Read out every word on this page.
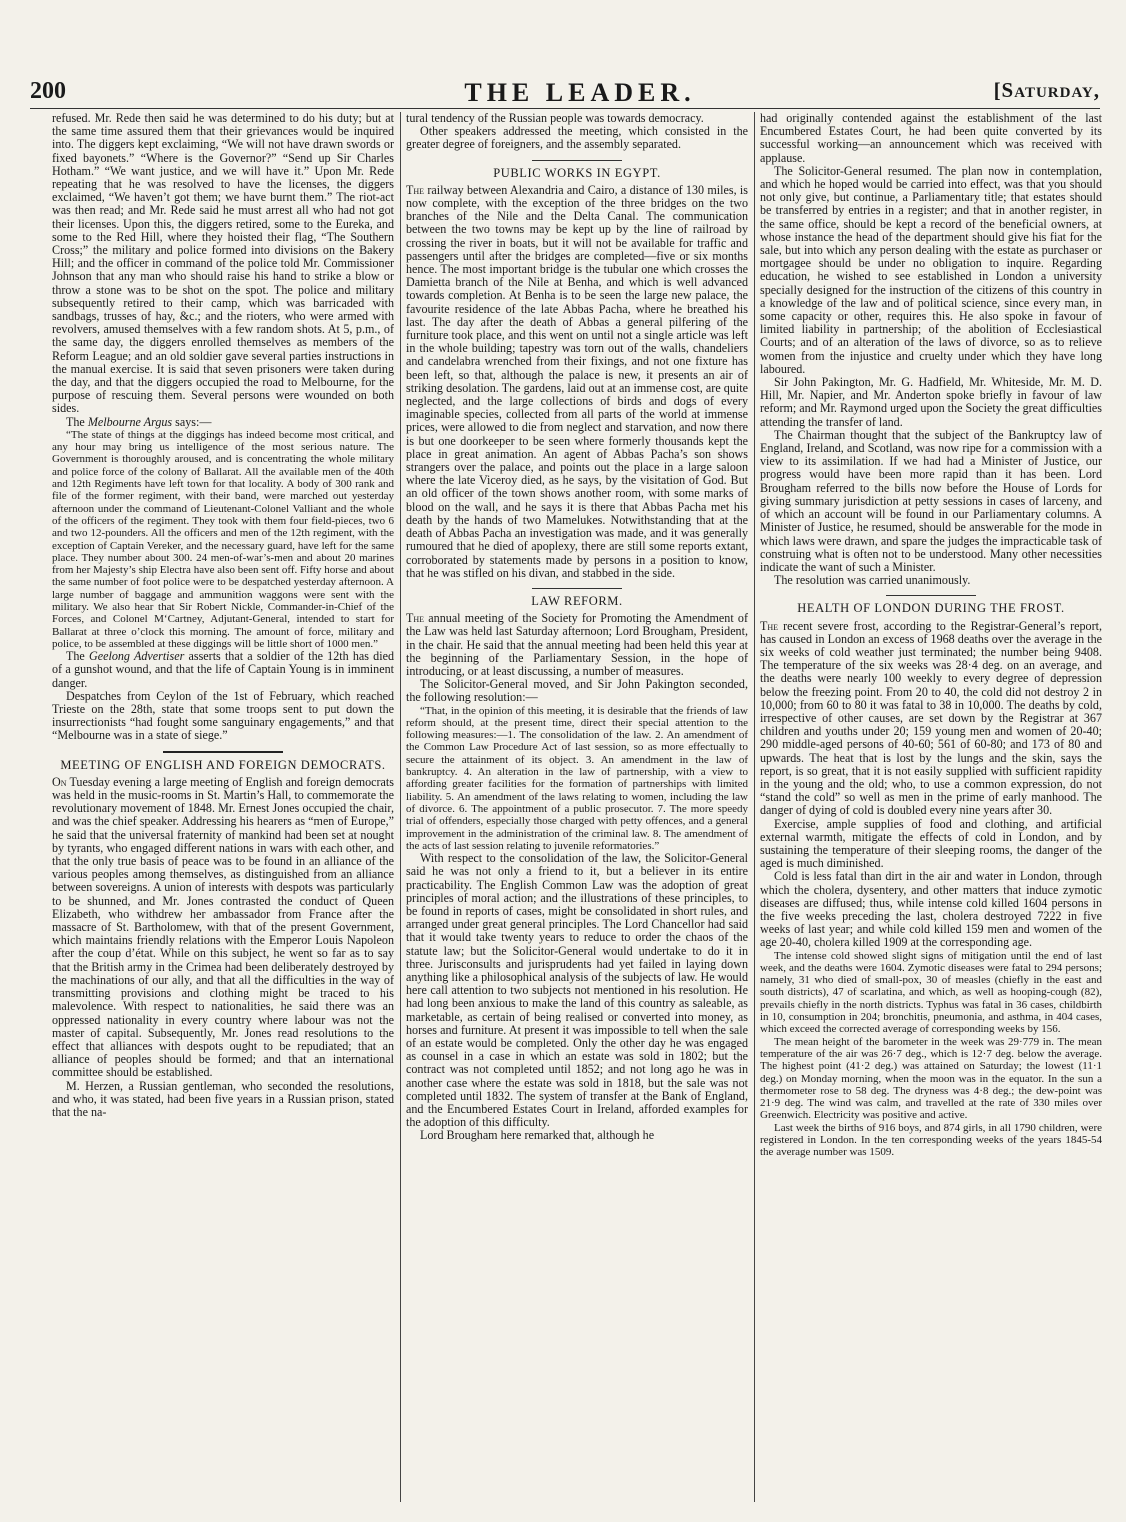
200	THE LEADER.	[Saturday,

refused. Mr. Rede then said he was determined to do his duty; but at the same time assured them that their grievances would be inquired into. The diggers kept exclaiming, “We will not have drawn swords or fixed bayonets.” “Where is the Governor?” “Send up Sir Charles Hotham.” “We want justice, and we will have it.” Upon Mr. Rede repeating that he was resolved to have the licenses, the diggers exclaimed, “We haven’t got them; we have burnt them.” The riot-act was then read; and Mr. Rede said he must arrest all who had not got their licenses. Upon this, the diggers retired, some to the Eureka, and some to the Red Hill, where they hoisted their flag, “The Southern Cross;” the military and police formed into divisions on the Bakery Hill; and the officer in command of the police told Mr. Commissioner Johnson that any man who should raise his hand to strike a blow or throw a stone was to be shot on the spot. The police and military subsequently retired to their camp, which was barricaded with sandbags, trusses of hay, &c.; and the rioters, who were armed with revolvers, amused themselves with a few random shots. At 5, p.m., of the same day, the diggers enrolled themselves as members of the Reform League; and an old soldier gave several parties instructions in the manual exercise. It is said that seven prisoners were taken during the day, and that the diggers occupied the road to Melbourne, for the purpose of rescuing them. Several persons were wounded on both sides.

The Melbourne Argus says:—

“The state of things at the diggings has indeed become most critical, and any hour may bring us intelligence of the most serious nature. The Government is thoroughly aroused, and is concentrating the whole military and police force of the colony of Ballarat. All the available men of the 40th and 12th Regiments have left town for that locality. A body of 300 rank and file of the former regiment, with their band, were marched out yesterday afternoon under the command of Lieutenant-Colonel Valliant and the whole of the officers of the regiment. They took with them four field-pieces, two 6 and two 12-pounders. All the officers and men of the 12th regiment, with the exception of Captain Vereker, and the necessary guard, have left for the same place. They number about 300. 24 men-of-war’s-men and about 20 marines from her Majesty’s ship Electra have also been sent off. Fifty horse and about the same number of foot police were to be despatched yesterday afternoon. A large number of baggage and ammunition waggons were sent with the military. We also hear that Sir Robert Nickle, Commander-in-Chief of the Forces, and Colonel M‘Cartney, Adjutant-General, intended to start for Ballarat at three o’clock this morning. The amount of force, military and police, to be assembled at these diggings will be little short of 1000 men.”

The Geelong Advertiser asserts that a soldier of the 12th has died of a gunshot wound, and that the life of Captain Young is in imminent danger.

Despatches from Ceylon of the 1st of February, which reached Trieste on the 28th, state that some troops sent to put down the insurrectionists “had fought some sanguinary engagements,” and that “Melbourne was in a state of siege.”

MEETING OF ENGLISH AND FOREIGN DEMOCRATS.

On Tuesday evening a large meeting of English and foreign democrats was held in the music-rooms in St. Martin’s Hall, to commemorate the revolutionary movement of 1848. Mr. Ernest Jones occupied the chair, and was the chief speaker. Addressing his hearers as “men of Europe,” he said that the universal fraternity of mankind had been set at nought by tyrants, who engaged different nations in wars with each other, and that the only true basis of peace was to be found in an alliance of the various peoples among themselves, as distinguished from an alliance between sovereigns. A union of interests with despots was particularly to be shunned, and Mr. Jones contrasted the conduct of Queen Elizabeth, who withdrew her ambassador from France after the massacre of St. Bartholomew, with that of the present Government, which maintains friendly relations with the Emperor Louis Napoleon after the coup d’état. While on this subject, he went so far as to say that the British army in the Crimea had been deliberately destroyed by the machinations of our ally, and that all the difficulties in the way of transmitting provisions and clothing might be traced to his malevolence. With respect to nationalities, he said there was an oppressed nationality in every country where labour was not the master of capital. Subsequently, Mr. Jones read resolutions to the effect that alliances with despots ought to be repudiated; that an alliance of peoples should be formed; and that an international committee should be established.

M. Herzen, a Russian gentleman, who seconded the resolutions, and who, it was stated, had been five years in a Russian prison, stated that the na-

tural tendency of the Russian people was towards democracy.

Other speakers addressed the meeting, which consisted in the greater degree of foreigners, and the assembly separated.

PUBLIC WORKS IN EGYPT.

The railway between Alexandria and Cairo, a distance of 130 miles, is now complete, with the exception of the three bridges on the two branches of the Nile and the Delta Canal. The communication between the two towns may be kept up by the line of railroad by crossing the river in boats, but it will not be available for traffic and passengers until after the bridges are completed—five or six months hence. The most important bridge is the tubular one which crosses the Damietta branch of the Nile at Benha, and which is well advanced towards completion. At Benha is to be seen the large new palace, the favourite residence of the late Abbas Pacha, where he breathed his last. The day after the death of Abbas a general pilfering of the furniture took place, and this went on until not a single article was left in the whole building; tapestry was torn out of the walls, chandeliers and candelabra wrenched from their fixings, and not one fixture has been left, so that, although the palace is new, it presents an air of striking desolation. The gardens, laid out at an immense cost, are quite neglected, and the large collections of birds and dogs of every imaginable species, collected from all parts of the world at immense prices, were allowed to die from neglect and starvation, and now there is but one doorkeeper to be seen where formerly thousands kept the place in great animation. An agent of Abbas Pacha’s son shows strangers over the palace, and points out the place in a large saloon where the late Viceroy died, as he says, by the visitation of God. But an old officer of the town shows another room, with some marks of blood on the wall, and he says it is there that Abbas Pacha met his death by the hands of two Mamelukes. Notwithstanding that at the death of Abbas Pacha an investigation was made, and it was generally rumoured that he died of apoplexy, there are still some reports extant, corroborated by statements made by persons in a position to know, that he was stifled on his divan, and stabbed in the side.

LAW REFORM.

The annual meeting of the Society for Promoting the Amendment of the Law was held last Saturday afternoon; Lord Brougham, President, in the chair. He said that the annual meeting had been held this year at the beginning of the Parliamentary Session, in the hope of introducing, or at least discussing, a number of measures.

The Solicitor-General moved, and Sir John Pakington seconded, the following resolution:—

“That, in the opinion of this meeting, it is desirable that the friends of law reform should, at the present time, direct their special attention to the following measures:—1. The consolidation of the law. 2. An amendment of the Common Law Procedure Act of last session, so as more effectually to secure the attainment of its object. 3. An amendment in the law of bankruptcy. 4. An alteration in the law of partnership, with a view to affording greater facilities for the formation of partnerships with limited liability. 5. An amendment of the laws relating to women, including the law of divorce. 6. The appointment of a public prosecutor. 7. The more speedy trial of offenders, especially those charged with petty offences, and a general improvement in the administration of the criminal law. 8. The amendment of the acts of last session relating to juvenile reformatories.”

With respect to the consolidation of the law, the Solicitor-General said he was not only a friend to it, but a believer in its entire practicability. The English Common Law was the adoption of great principles of moral action; and the illustrations of these principles, to be found in reports of cases, might be consolidated in short rules, and arranged under great general principles. The Lord Chancellor had said that it would take twenty years to reduce to order the chaos of the statute law; but the Solicitor-General would undertake to do it in three. Jurisconsults and jurisprudents had yet failed in laying down anything like a philosophical analysis of the subjects of law. He would here call attention to two subjects not mentioned in his resolution. He had long been anxious to make the land of this country as saleable, as marketable, as certain of being realised or converted into money, as horses and furniture. At present it was impossible to tell when the sale of an estate would be completed. Only the other day he was engaged as counsel in a case in which an estate was sold in 1802; but the contract was not completed until 1852; and not long ago he was in another case where the estate was sold in 1818, but the sale was not completed until 1832. The system of transfer at the Bank of England, and the Encumbered Estates Court in Ireland, afforded examples for the adoption of this difficulty.

Lord Brougham here remarked that, although he

had originally contended against the establishment of the last Encumbered Estates Court, he had been quite converted by its successful working—an announcement which was received with applause.

The Solicitor-General resumed. The plan now in contemplation, and which he hoped would be carried into effect, was that you should not only give, but continue, a Parliamentary title; that estates should be transferred by entries in a register; and that in another register, in the same office, should be kept a record of the beneficial owners, at whose instance the head of the department should give his fiat for the sale, but into which any person dealing with the estate as purchaser or mortgagee should be under no obligation to inquire. Regarding education, he wished to see established in London a university specially designed for the instruction of the citizens of this country in a knowledge of the law and of political science, since every man, in some capacity or other, requires this. He also spoke in favour of limited liability in partnership; of the abolition of Ecclesiastical Courts; and of an alteration of the laws of divorce, so as to relieve women from the injustice and cruelty under which they have long laboured.

Sir John Pakington, Mr. G. Hadfield, Mr. Whiteside, Mr. M. D. Hill, Mr. Napier, and Mr. Anderton spoke briefly in favour of law reform; and Mr. Raymond urged upon the Society the great difficulties attending the transfer of land.

The Chairman thought that the subject of the Bankruptcy law of England, Ireland, and Scotland, was now ripe for a commission with a view to its assimilation. If we had had a Minister of Justice, our progress would have been more rapid than it has been. Lord Brougham referred to the bills now before the House of Lords for giving summary jurisdiction at petty sessions in cases of larceny, and of which an account will be found in our Parliamentary columns. A Minister of Justice, he resumed, should be answerable for the mode in which laws were drawn, and spare the judges the impracticable task of construing what is often not to be understood. Many other necessities indicate the want of such a Minister.

The resolution was carried unanimously.

HEALTH OF LONDON DURING THE FROST.

The recent severe frost, according to the Registrar-General’s report, has caused in London an excess of 1968 deaths over the average in the six weeks of cold weather just terminated; the number being 9408. The temperature of the six weeks was 28·4 deg. on an average, and the deaths were nearly 100 weekly to every degree of depression below the freezing point. From 20 to 40, the cold did not destroy 2 in 10,000; from 60 to 80 it was fatal to 38 in 10,000. The deaths by cold, irrespective of other causes, are set down by the Registrar at 367 children and youths under 20; 159 young men and women of 20-40; 290 middle-aged persons of 40-60; 561 of 60-80; and 173 of 80 and upwards. The heat that is lost by the lungs and the skin, says the report, is so great, that it is not easily supplied with sufficient rapidity in the young and the old; who, to use a common expression, do not “stand the cold” so well as men in the prime of early manhood. The danger of dying of cold is doubled every nine years after 30.

Exercise, ample supplies of food and clothing, and artificial external warmth, mitigate the effects of cold in London, and by sustaining the temperature of their sleeping rooms, the danger of the aged is much diminished.

Cold is less fatal than dirt in the air and water in London, through which the cholera, dysentery, and other matters that induce zymotic diseases are diffused; thus, while intense cold killed 1604 persons in the five weeks preceding the last, cholera destroyed 7222 in five weeks of last year; and while cold killed 159 men and women of the age 20-40, cholera killed 1909 at the corresponding age.

The intense cold showed slight signs of mitigation until the end of last week, and the deaths were 1604. Zymotic diseases were fatal to 294 persons; namely, 31 who died of small-pox, 30 of measles (chiefly in the east and south districts), 47 of scarlatina, and which, as well as hooping-cough (82), prevails chiefly in the north districts. Typhus was fatal in 36 cases, childbirth in 10, consumption in 204; bronchitis, pneumonia, and asthma, in 404 cases, which exceed the corrected average of corresponding weeks by 156.

The mean height of the barometer in the week was 29·779 in. The mean temperature of the air was 26·7 deg., which is 12·7 deg. below the average. The highest point (41·2 deg.) was attained on Saturday; the lowest (11·1 deg.) on Monday morning, when the moon was in the equator. In the sun a thermometer rose to 58 deg. The dryness was 4·8 deg.; the dew-point was 21·9 deg. The wind was calm, and travelled at the rate of 330 miles over Greenwich. Electricity was positive and active.

Last week the births of 916 boys, and 874 girls, in all 1790 children, were registered in London. In the ten corresponding weeks of the years 1845-54 the average number was 1509.
